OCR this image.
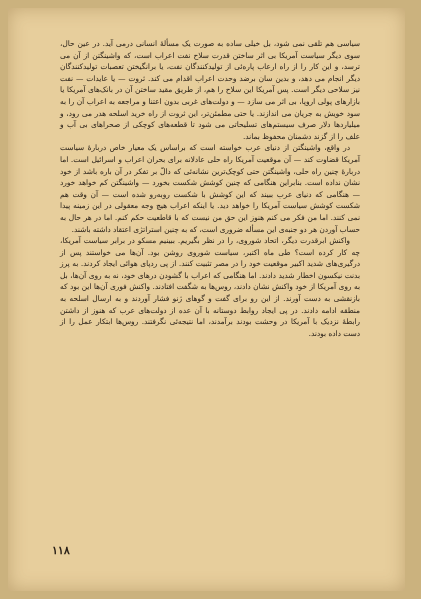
سیاسی هم تلقی نمی شود، بل خیلی ساده به صورت یک مسألهٔ انسانی درمی آید. در عین حال، سوی دیگر سیاست آمریکا بی اثر ساختن قدرت سلاح نفت اعراب است، که واشینگتن از آن می ترسد، و این کار را از راه ارعاب پاره‌ئی از تولیدکنندگان نفت، یا برانگیختن تعصبات تولیدکنندگان دیگر انجام می دهد، و بدین سان برضد وحدت اعراب اقدام می کند. ثروت — یا عایدات — نفت نیز سلاحی دیگر است. پس آمریکا این سلاح را هم، از طریق مقید ساختن آن در بانک‌های آمریکا یا بازارهای پولی اروپا، بی اثر می سازد — و دولت‌های غربی بدون اعتنا و مراجعه به اعراب آن را به سود خویش به جریان می اندازند. یا حتی مطمئن‌تر، این ثروت از راه خرید اسلحه هدر می رود، و میلیاردها دلار صرف سیستم‌های تسلیحاتی می شود تا قطعه‌های کوچکی از صحراهای بی آب و علف را از گزند دشمنان محفوظ بماند.

در واقع، واشینگتن از دنیای عرب خواسته است که براساس یک معیار خاص دربارهٔ سیاست آمریکا قضاوت کند — آن موقعیت آمریکا راه حلی عادلانه برای بحران اعراب و اسرائیل است. اما دربارهٔ چنین راه حلی، واشینگتن حتی کوچک‌ترین نشانه‌ئی که دالّ بر تفکر در آن باره باشد از خود نشان نداده است. بنابراین هنگامی که چنین کوشش شکست بخورد — واشینگتن کم خواهد خورد — هنگامی که دنیای عرب ببیند که این کوشش با شکست روبه‌رو شده است — آن وقت هم شکست کوشش سیاست آمریکا را خواهد دید. یا اینکه اعراب هیچ وجه معقولی در این زمینه پیدا نمی کنند. اما من فکر می کنم هنوز این حق من نیست که با قاطعیت حکم کنم. اما در هر حال به حساب آوردن هر دو جنبه‌ی این مسأله ضروری است، که به چنین استراتژی اعتقاد داشته باشند.

واکنش ابرقدرت دیگر، اتحاد شوروی، را در نظر بگیریم. ببینیم مسکو در برابر سیاست آمریکا، چه کار کرده است؟ طی ماه اکتبر، سیاست شوروی روشن بود. آن‌ها می خواستند پس از درگیری‌های شدید اکبیر موقعیت خود را در مصر تثبیت کنند. از پی ردپای هوائی ایجاد کردند. به پرز بدنت نیکسون اخطار شدید دادند. اما هنگامی که اعراب با گشودن درهای خود، نه به روی آن‌ها، بل به روی آمریکا از خود واکنش نشان دادند، روس‌ها به شگفت افتادند. واکنش فوری آن‌ها این بود که بازنقشی به دست آورند. از این رو برای گفت و گوهای ژنو فشار آوردند و به ارسال اسلحه به منطقه ادامه دادند. در پی ایجاد روابط دوستانه با آن عده از دولت‌های عرب که هنوز از داشتن رابطهٔ نزدیک با آمریکا در وحشت بودند برآمدند، اما نتیجه‌ئی نگرفتند. روس‌ها ابتکار عمل را از دست داده بودند.

۱۱۸
